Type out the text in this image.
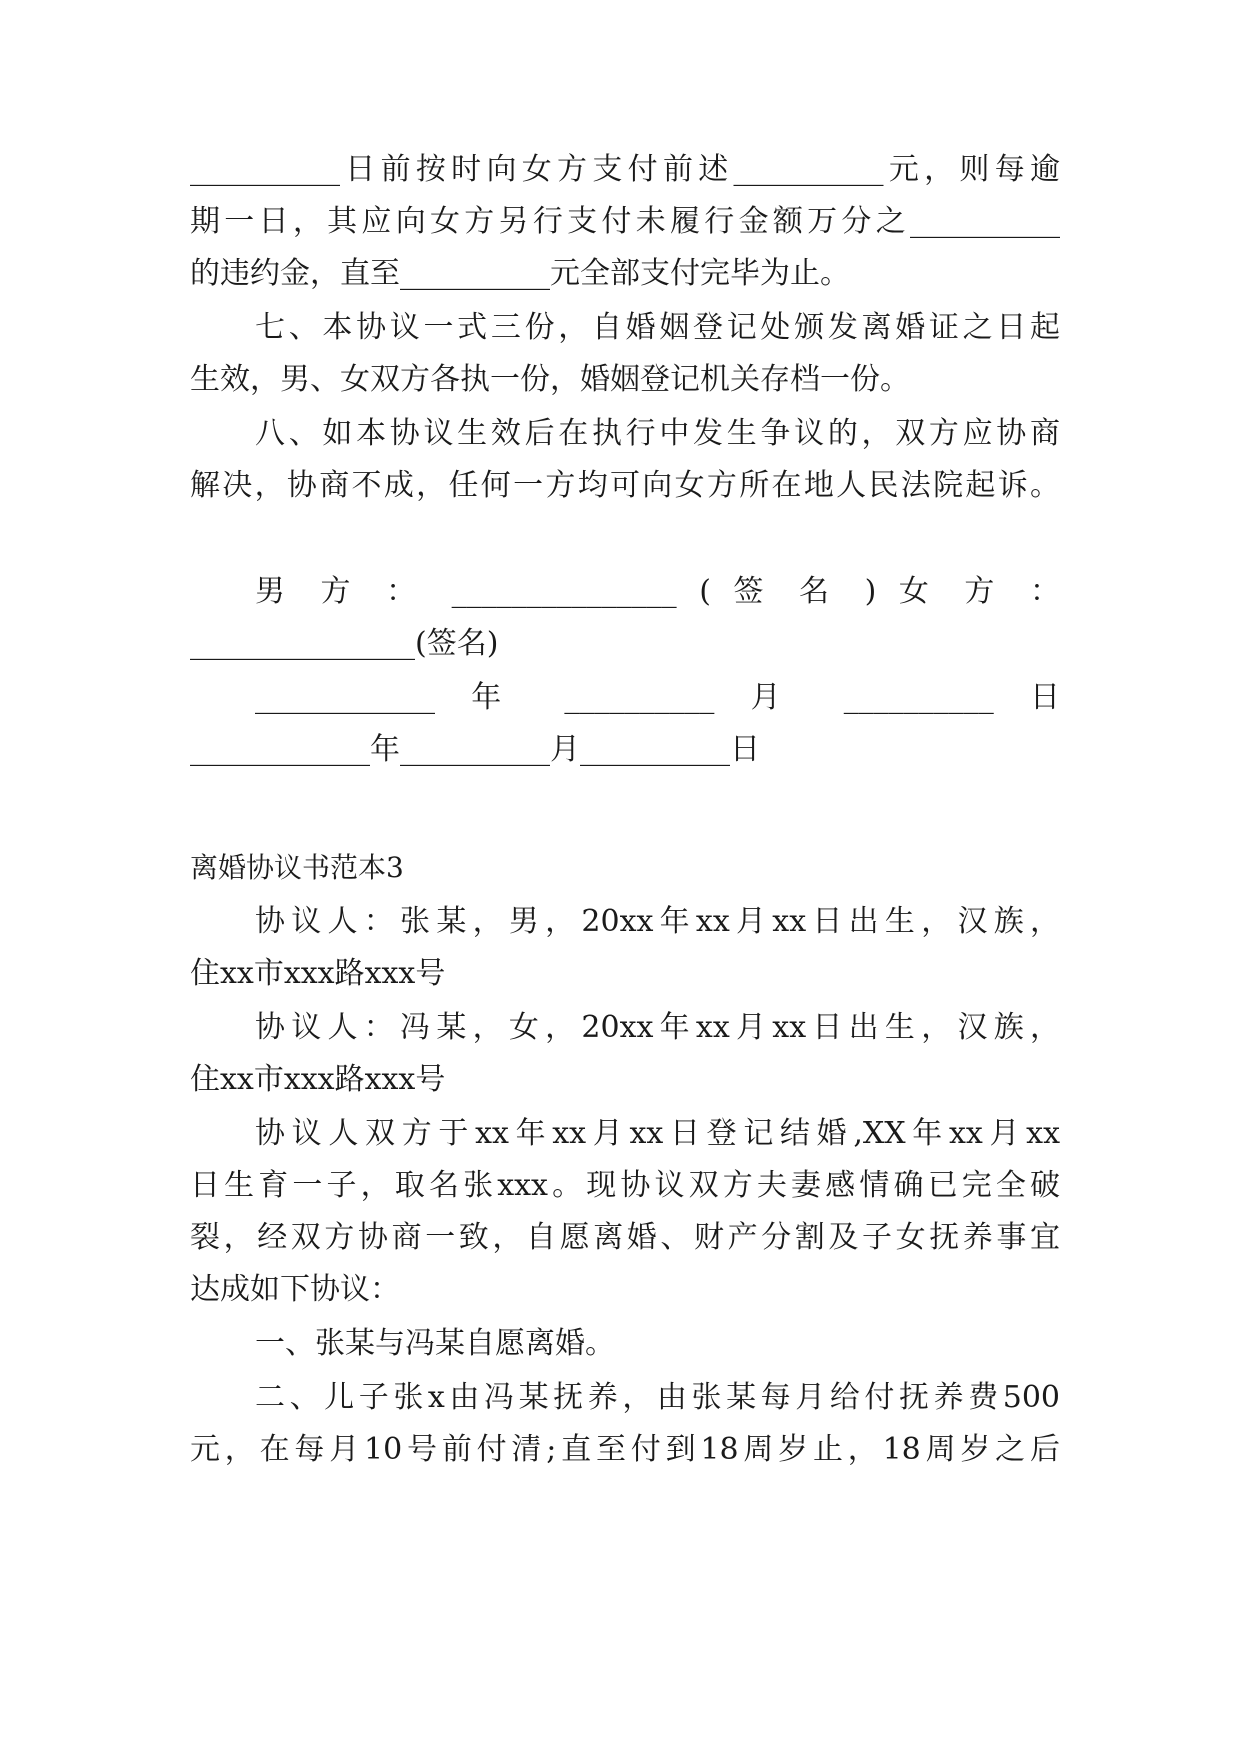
__________日前按时向女方支付前述__________元，则每逾
期一日，其应向女方另行支付未履行金额万分之__________
的违约金，直至__________元全部支付完毕为止。
七、本协议一式三份，自婚姻登记处颁发离婚证之日起
生效，男、女双方各执一份，婚姻登记机关存档一份。
八、如本协议生效后在执行中发生争议的，双方应协商
解决，协商不成，任何一方均可向女方所在地人民法院起诉。
男 方 ： _______________ ( 签 名 ) 女 方 ：
_______________(签名)
____________ 年 __________ 月 __________ 日
____________年__________月__________日
离婚协议书范本3
协议人：张某，男，20xx年xx月xx日出生，汉族，
住xx市xxx路xxx号
协议人：冯某，女，20xx年xx月xx日出生，汉族，
住xx市xxx路xxx号
协议人双方于xx年xx月xx日登记结婚,XX年xx月xx
日生育一子，取名张xxx。现协议双方夫妻感情确已完全破
裂，经双方协商一致，自愿离婚、财产分割及子女抚养事宜
达成如下协议：
一、张某与冯某自愿离婚。
二、儿子张x由冯某抚养，由张某每月给付抚养费500
元，在每月10号前付清;直至付到18周岁止，18周岁之后
